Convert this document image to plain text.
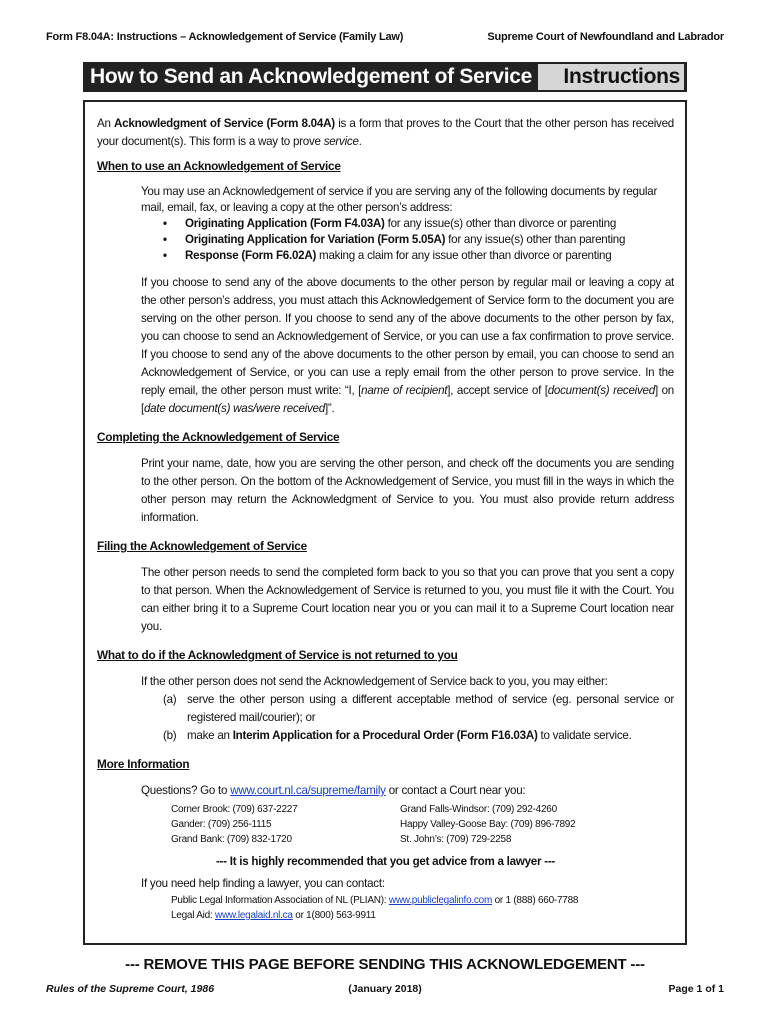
Form F8.04A: Instructions – Acknowledgement of Service (Family Law)	Supreme Court of Newfoundland and Labrador
How to Send an Acknowledgement of Service	Instructions

An Acknowledgment of Service (Form 8.04A) is a form that proves to the Court that the other person has received your document(s). This form is a way to prove service.

When to use an Acknowledgement of Service

You may use an Acknowledgement of service if you are serving any of the following documents by regular mail, email, fax, or leaving a copy at the other person’s address:

• Originating Application (Form F4.03A) for any issue(s) other than divorce or parenting
• Originating Application for Variation (Form 5.05A) for any issue(s) other than parenting
• Response (Form F6.02A) making a claim for any issue other than divorce or parenting

If you choose to send any of the above documents to the other person by regular mail or leaving a copy at the other person’s address, you must attach this Acknowledgement of Service form to the document you are serving on the other person. If you choose to send any of the above documents to the other person by fax, you can choose to send an Acknowledgement of Service, or you can use a fax confirmation to prove service. If you choose to send any of the above documents to the other person by email, you can choose to send an Acknowledgement of Service, or you can use a reply email from the other person to prove service. In the reply email, the other person must write: “I, [name of recipient], accept service of [document(s) received] on [date document(s) was/were received]”.

Completing the Acknowledgement of Service

Print your name, date, how you are serving the other person, and check off the documents you are sending to the other person. On the bottom of the Acknowledgement of Service, you must fill in the ways in which the other person may return the Acknowledgment of Service to you. You must also provide return address information.

Filing the Acknowledgement of Service

The other person needs to send the completed form back to you so that you can prove that you sent a copy to that person. When the Acknowledgement of Service is returned to you, you must file it with the Court. You can either bring it to a Supreme Court location near you or you can mail it to a Supreme Court location near you.

What to do if the Acknowledgment of Service is not returned to you

If the other person does not send the Acknowledgement of Service back to you, you may either:

(a) serve the other person using a different acceptable method of service (eg. personal service or registered mail/courier); or
(b) make an Interim Application for a Procedural Order (Form F16.03A) to validate service.

More Information

Questions? Go to www.court.nl.ca/supreme/family or contact a Court near you:

Corner Brook: (709) 637-2227	Grand Falls-Windsor: (709) 292-4260
Gander: (709) 256-1115	Happy Valley-Goose Bay: (709) 896-7892
Grand Bank: (709) 832-1720	St. John’s: (709) 729-2258

--- It is highly recommended that you get advice from a lawyer ---

If you need help finding a lawyer, you can contact:

Public Legal Information Association of NL (PLIAN): www.publiclegalinfo.com or 1 (888) 660-7788

Legal Aid: www.legalaid.nl.ca or 1(800) 563-9911

--- REMOVE THIS PAGE BEFORE SENDING THIS ACKNOWLEDGEMENT ---
Rules of the Supreme Court, 1986	(January 2018)	Page 1 of 1
